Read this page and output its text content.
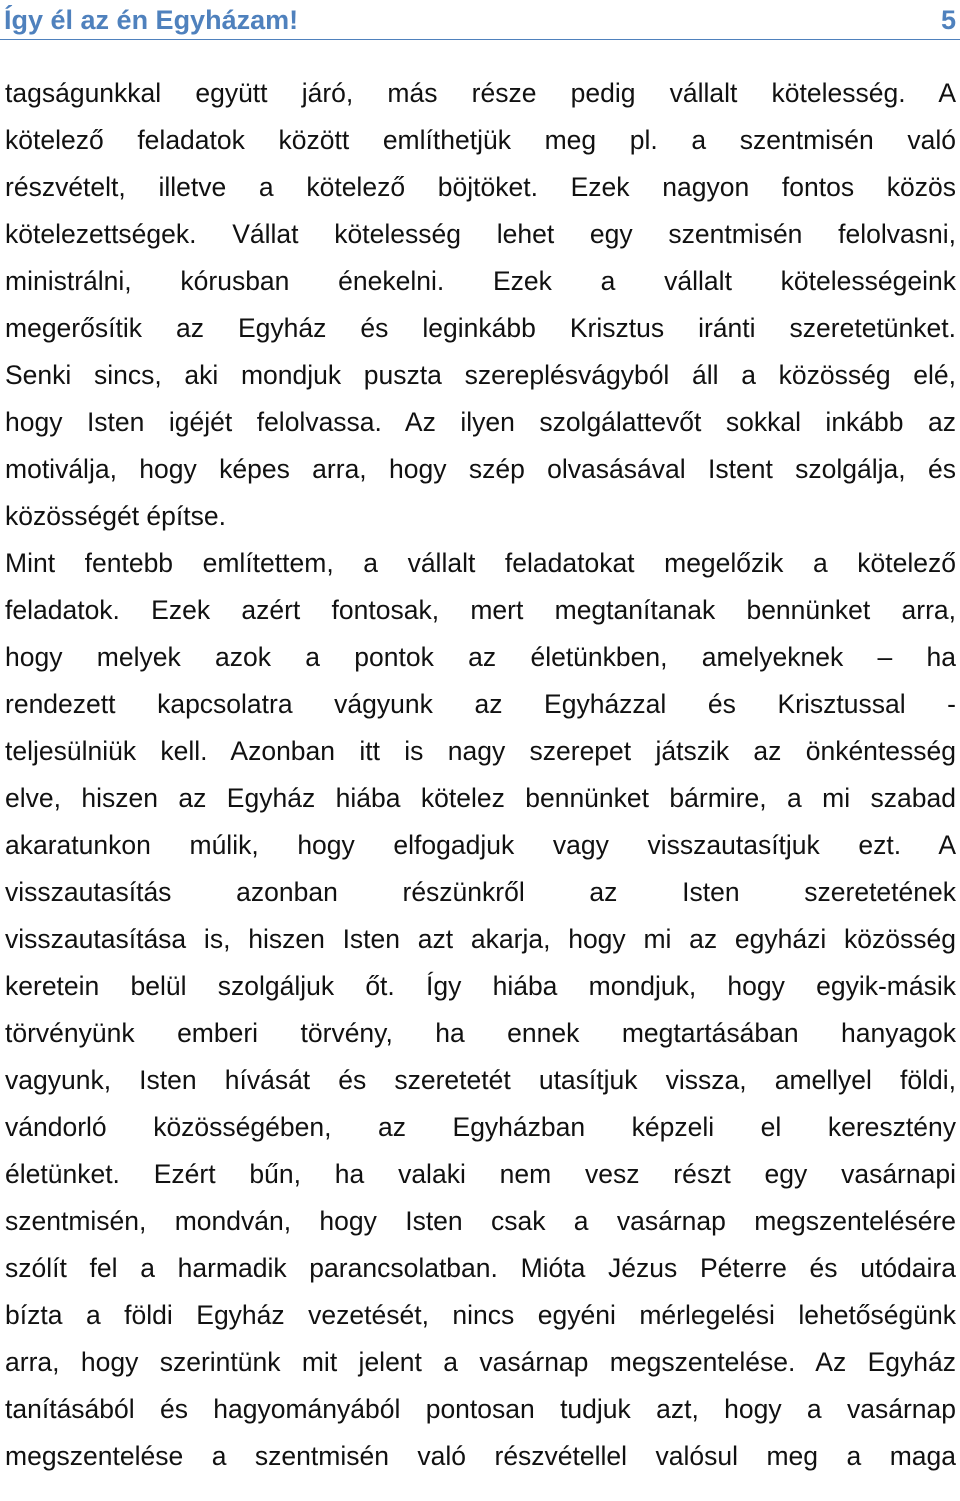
Így él az én Egyházam!	5
tagságunkkal együtt járó, más része pedig vállalt kötelesség. A
kötelező feladatok között említhetjük meg pl. a szentmisén való
részvételt, illetve a kötelező böjtöket. Ezek nagyon fontos közös
kötelezettségek. Vállat kötelesség lehet egy szentmisén felolvasni,
ministrálni, kórusban énekelni. Ezek a vállalt kötelességeink
megerősítik az Egyház és leginkább Krisztus iránti szeretetünket.
Senki sincs, aki mondjuk puszta szereplésvágyból áll a közösség elé,
hogy Isten igéjét felolvassa. Az ilyen szolgálattevőt sokkal inkább az
motiválja, hogy képes arra, hogy szép olvasásával Istent szolgálja, és
közösségét építse.
Mint fentebb említettem, a vállalt feladatokat megelőzik a kötelező
feladatok. Ezek azért fontosak, mert megtanítanak bennünket arra,
hogy melyek azok a pontok az életünkben, amelyeknek – ha
rendezett kapcsolatra vágyunk az Egyházzal és Krisztussal -
teljesülniük kell. Azonban itt is nagy szerepet játszik az önkéntesség
elve, hiszen az Egyház hiába kötelez bennünket bármire, a mi szabad
akaratunkon múlik, hogy elfogadjuk vagy visszautasítjuk ezt. A
visszautasítás azonban részünkről az Isten szeretetének
visszautasítása is, hiszen Isten azt akarja, hogy mi az egyházi közösség
keretein belül szolgáljuk őt. Így hiába mondjuk, hogy egyik-másik
törvényünk emberi törvény, ha ennek megtartásában hanyagok
vagyunk, Isten hívását és szeretetét utasítjuk vissza, amellyel földi,
vándorló közösségében, az Egyházban képzeli el keresztény
életünket. Ezért bűn, ha valaki nem vesz részt egy vasárnapi
szentmisén, mondván, hogy Isten csak a vasárnap megszentelésére
szólít fel a harmadik parancsolatban. Mióta Jézus Péterre és utódaira
bízta a földi Egyház vezetését, nincs egyéni mérlegelési lehetőségünk
arra, hogy szerintünk mit jelent a vasárnap megszentelése. Az Egyház
tanításából és hagyományából pontosan tudjuk azt, hogy a vasárnap
megszentelése a szentmisén való részvétellel valósul meg a maga
